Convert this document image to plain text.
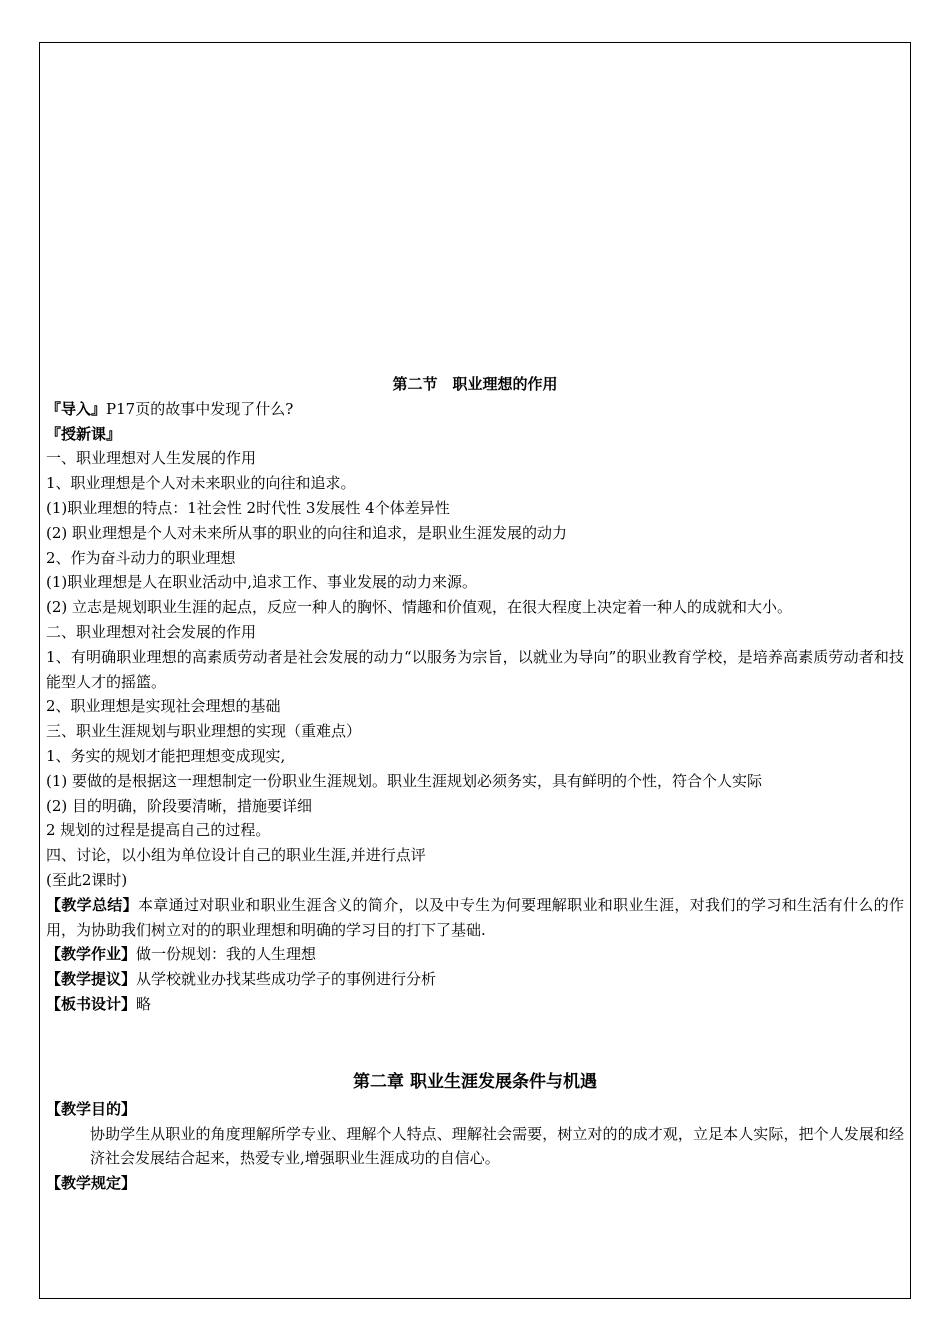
第二节　职业理想的作用
『导入』P17页的故事中发现了什么?
『授新课』
一、职业理想对人生发展的作用
1、职业理想是个人对未来职业的向往和追求。
(1)职业理想的特点：1社会性 2时代性 3发展性 4个体差异性
(2) 职业理想是个人对未来所从事的职业的向往和追求，是职业生涯发展的动力
2、作为奋斗动力的职业理想
(1)职业理想是人在职业活动中,追求工作、事业发展的动力来源。
(2) 立志是规划职业生涯的起点，反应一种人的胸怀、情趣和价值观，在很大程度上决定着一种人的成就和大小。
二、职业理想对社会发展的作用
1、有明确职业理想的高素质劳动者是社会发展的动力“以服务为宗旨，以就业为导向”的职业教育学校，是培养高素质劳动者和技能型人才的摇篮。
2、职业理想是实现社会理想的基础
三、职业生涯规划与职业理想的实现（重难点）
1、务实的规划才能把理想变成现实,
(1) 要做的是根据这一理想制定一份职业生涯规划。职业生涯规划必须务实，具有鲜明的个性，符合个人实际
(2) 目的明确，阶段要清晰，措施要详细
2 规划的过程是提高自己的过程。
四、讨论，以小组为单位设计自己的职业生涯,并进行点评
(至此2课时)
【教学总结】本章通过对职业和职业生涯含义的简介，以及中专生为何要理解职业和职业生涯，对我们的学习和生活有什么的作用，为协助我们树立对的的职业理想和明确的学习目的打下了基础.
【教学作业】做一份规划：我的人生理想
【教学提议】从学校就业办找某些成功学子的事例进行分析
【板书设计】略
第二章 职业生涯发展条件与机遇
【教学目的】
协助学生从职业的角度理解所学专业、理解个人特点、理解社会需要，树立对的的成才观，立足本人实际，把个人发展和经济社会发展结合起来，热爱专业,增强职业生涯成功的自信心。
【教学规定】
